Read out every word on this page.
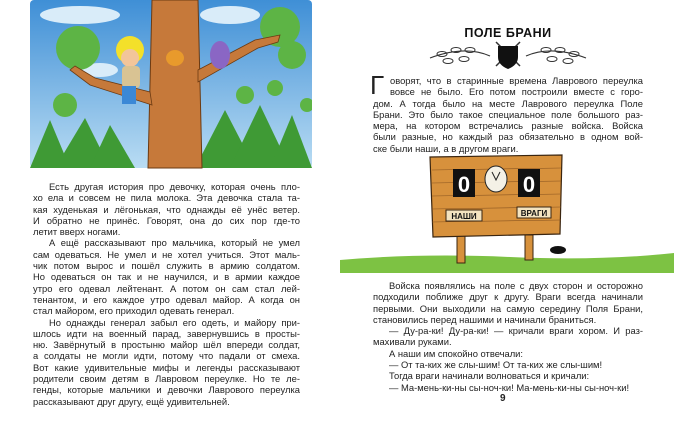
Есть другая история про девочку, которая очень пло-
хо ела и совсем не пила молока. Эта девочка стала та-
кая худенькая и лёгонькая, что однажды её унёс ветер.
И обратно не принёс. Говорят, она до сих пор где-то
летит вверх ногами.
А ещё рассказывают про мальчика, который не умел
сам одеваться. Не умел и не хотел учиться. Этот маль-
чик потом вырос и пошёл служить в армию солдатом.
Но одеваться он так и не научился, и в армии каждое
утро его одевал лейтенант. А потом он сам стал лей-
тенантом, и его каждое утро одевал майор. А когда он
стал майором, его приходил одевать генерал.
Но однажды генерал забыл его одеть, и майору при-
шлось идти на военный парад, завернувшись в просты-
ню. Завёрнутый в простыню майор шёл впереди солдат,
а солдаты не могли идти, потому что падали от смеха.
Вот какие удивительные мифы и легенды рассказывают
родители своим детям в Лавровом переулке. Но те ле-
генды, которые мальчики и девочки Лаврового переулка
рассказывают друг другу, ещё удивительней.
ПОЛЕ БРАНИ
Г оворят, что в старинные времена Лаврового переулка
вовсе не было. Его потом построили вместе с горо-
дом. А тогда было на месте Лаврового переулка Поле
Брани. Это было такое специальное поле большого раз-
мера, на котором встречались разные войска. Войска
были разные, но каждый раз обязательно в одном вой-
ске были наши, а в другом враги.
0 0
НАШИ	ВРАГИ
Войска появлялись на поле с двух сторон и осторожно
подходили поближе друг к другу. Враги всегда начинали
первыми. Они выходили на самую середину Поля Брани,
становились перед нашими и начинали браниться.
— Ду-ра-ки! Ду-ра-ки! — кричали враги хором. И раз-
махивали руками.
А наши им спокойно отвечали:
— От та-ких же слы-шим! От та-ких же слы-шим!
Тогда враги начинали волноваться и кричали:
— Ма-мень-ки-ны сы-ноч-ки! Ма-мень-ки-ны сы-ноч-ки!
9
